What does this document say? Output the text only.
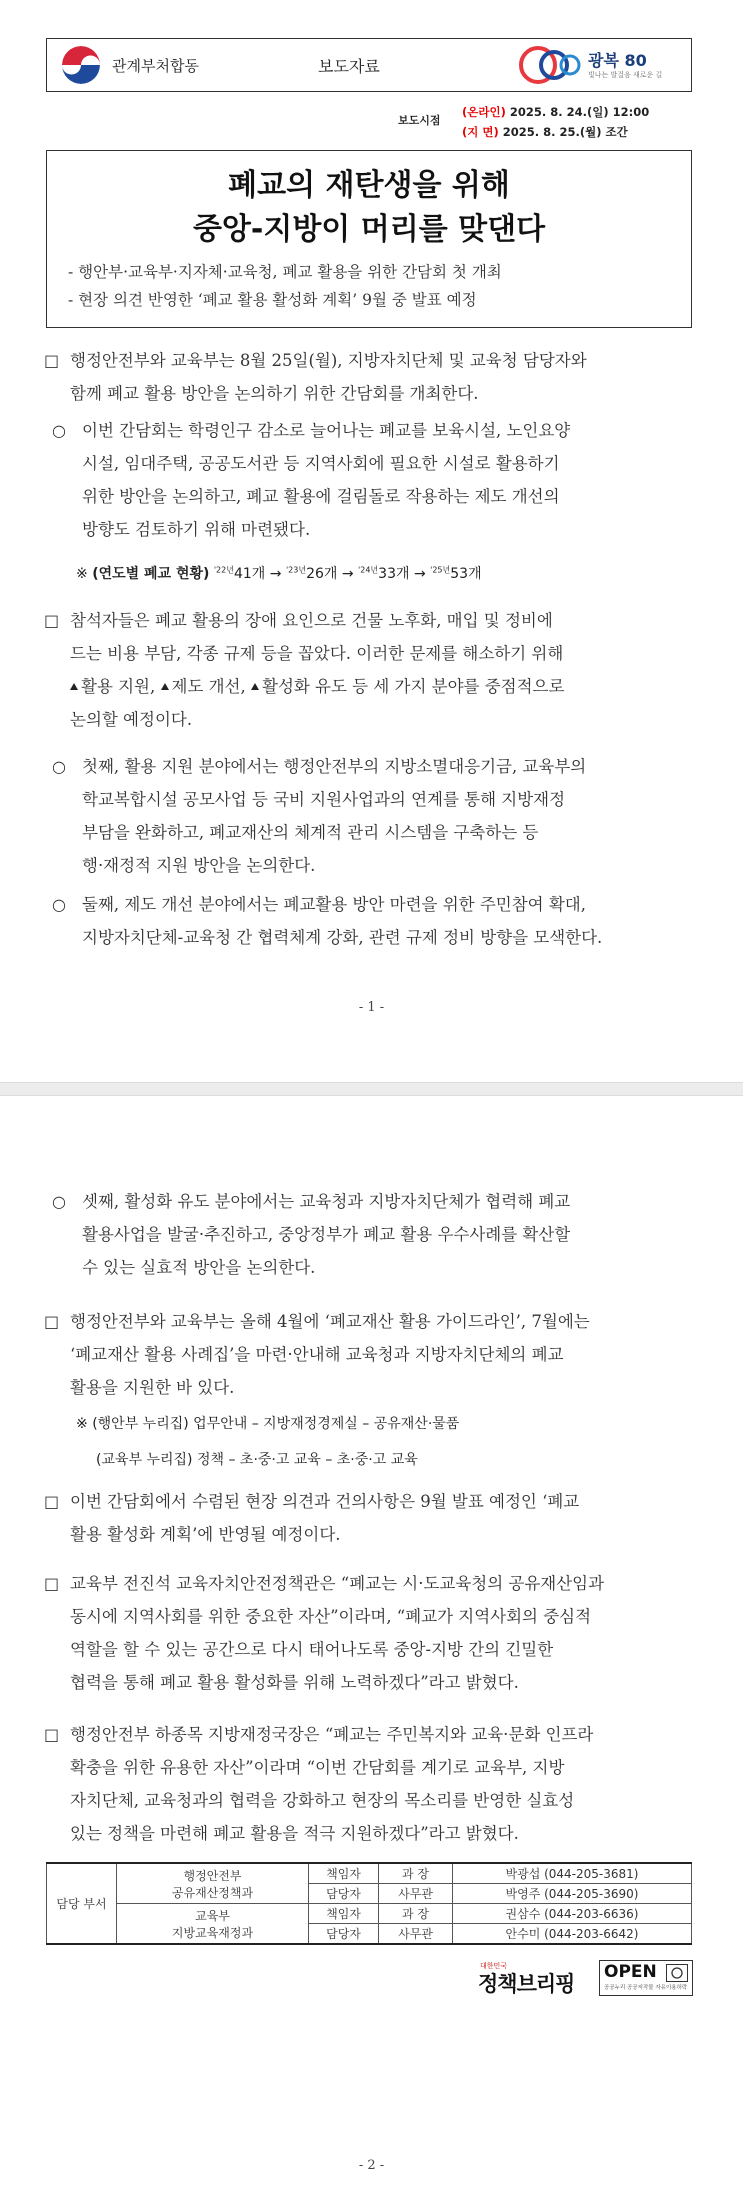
관계부처합동	보도자료	광복 80
빛나는 발걸음 새로운 길
보도시점
(온라인) 2025. 8. 24.(일) 12:00
(지 면) 2025. 8. 25.(월) 조간
폐교의 재탄생을 위해
중앙-지방이 머리를 맞댄다
- 행안부·교육부·지자체·교육청, 폐교 활용을 위한 간담회 첫 개최
- 현장 의견 반영한 ‘폐교 활용 활성화 계획’ 9월 중 발표 예정
□ 행정안전부와 교육부는 8월 25일(월), 지방자치단체 및 교육청 담당자와
함께 폐교 활용 방안을 논의하기 위한 간담회를 개최한다.
○ 이번 간담회는 학령인구 감소로 늘어나는 폐교를 보육시설, 노인요양
시설, 임대주택, 공공도서관 등 지역사회에 필요한 시설로 활용하기
위한 방안을 논의하고, 폐교 활용에 걸림돌로 작용하는 제도 개선의
방향도 검토하기 위해 마련됐다.
※ (연도별 폐교 현황) $^{'22년}$41개 → $^{'23년}$26개 → $^{'24년}$33개 → $^{'25년}$53개
□ 참석자들은 폐교 활용의 장애 요인으로 건물 노후화, 매입 및 정비에
드는 비용 부담, 각종 규제 등을 꼽았다. 이러한 문제를 해소하기 위해
활용 지원, 제도 개선, 활성화 유도 등 세 가지 분야를 중점적으로
논의할 예정이다.
○ 첫째, 활용 지원 분야에서는 행정안전부의 지방소멸대응기금, 교육부의
학교복합시설 공모사업 등 국비 지원사업과의 연계를 통해 지방재정
부담을 완화하고, 폐교재산의 체계적 관리 시스템을 구축하는 등
행·재정적 지원 방안을 논의한다.
○ 둘째, 제도 개선 분야에서는 폐교활용 방안 마련을 위한 주민참여 확대,
지방자치단체-교육청 간 협력체계 강화, 관련 규제 정비 방향을 모색한다.
- 1 -
○ 셋째, 활성화 유도 분야에서는 교육청과 지방자치단체가 협력해 폐교
활용사업을 발굴·추진하고, 중앙정부가 폐교 활용 우수사례를 확산할
수 있는 실효적 방안을 논의한다.
□ 행정안전부와 교육부는 올해 4월에 ‘폐교재산 활용 가이드라인’, 7월에는
‘폐교재산 활용 사례집’을 마련·안내해 교육청과 지방자치단체의 폐교
활용을 지원한 바 있다.
※ (행안부 누리집) 업무안내 – 지방재정경제실 – 공유재산·물품
(교육부 누리집) 정책 – 초·중·고 교육 – 초·중·고 교육
□ 이번 간담회에서 수렴된 현장 의견과 건의사항은 9월 발표 예정인 ‘폐교
활용 활성화 계획’에 반영될 예정이다.
□ 교육부 전진석 교육자치안전정책관은 “폐교는 시·도교육청의 공유재산임과
동시에 지역사회를 위한 중요한 자산”이라며, “폐교가 지역사회의 중심적
역할을 할 수 있는 공간으로 다시 태어나도록 중앙-지방 간의 긴밀한
협력을 통해 폐교 활용 활성화를 위해 노력하겠다”라고 밝혔다.
□ 행정안전부 하종목 지방재정국장은 “폐교는 주민복지와 교육·문화 인프라
확충을 위한 유용한 자산”이라며 “이번 간담회를 계기로 교육부, 지방
자치단체, 교육청과의 협력을 강화하고 현장의 목소리를 반영한 실효성
있는 정책을 마련해 폐교 활용을 적극 지원하겠다”라고 밝혔다.
담당 부서	행정안전부
공유재산정책과	책임자	과 장	박광섭 (044-205-3681)
		담당자	사무관	박영주 (044-205-3690)

	교육부
지방교육재정과	책임자	과 장	권삼수 (044-203-6636)
		담당자	사무관	안수미 (044-203-6642)
대한민국
정책브리핑 OPEN
공공누리 공공저작물 자유이용허락
- 2 -
